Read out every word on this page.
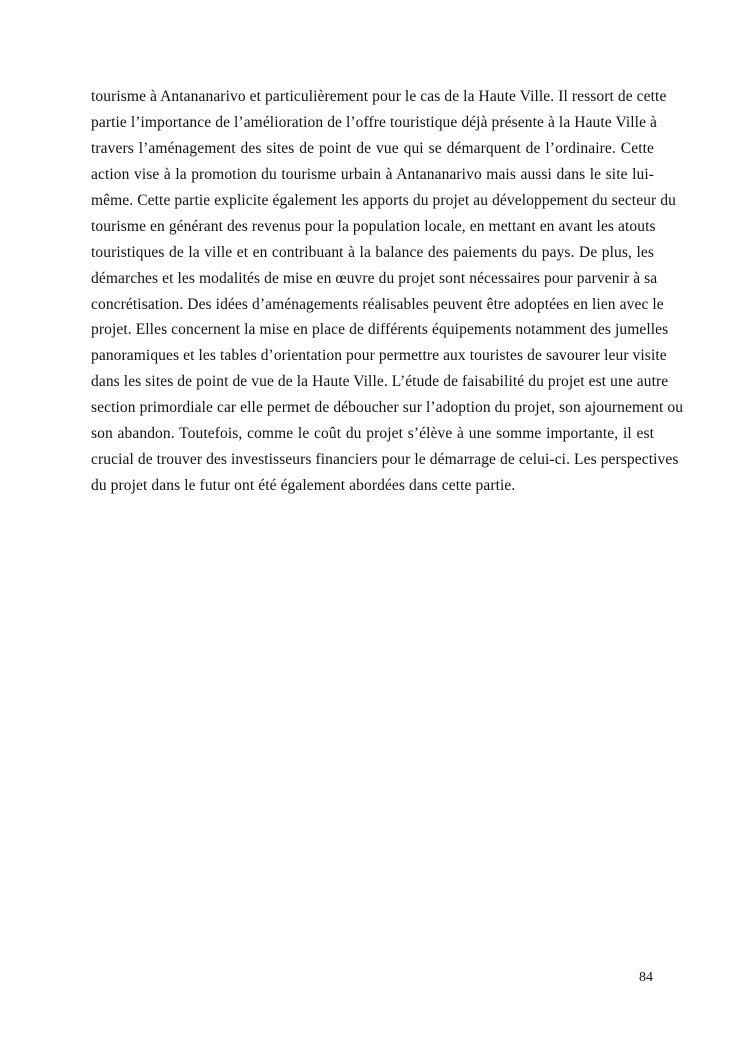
tourisme à Antananarivo et particulièrement pour le cas de la Haute Ville. Il ressort de cette
partie l’importance de l’amélioration de l’offre touristique déjà présente à la Haute Ville à
travers l’aménagement des sites de point de vue qui se démarquent de l’ordinaire. Cette
action vise à la promotion du tourisme urbain à Antananarivo mais aussi dans le site lui-
même. Cette partie explicite également les apports du projet au développement du secteur du
tourisme en générant des revenus pour la population locale, en mettant en avant les atouts
touristiques de la ville et en contribuant à la balance des paiements du pays. De plus, les
démarches et les modalités de mise en œuvre du projet sont nécessaires pour parvenir à sa
concrétisation. Des idées d’aménagements réalisables peuvent être adoptées en lien avec le
projet. Elles concernent la mise en place de différents équipements notamment des jumelles
panoramiques et les tables d’orientation pour permettre aux touristes de savourer leur visite
dans les sites de point de vue de la Haute Ville. L’étude de faisabilité du projet est une autre
section primordiale car elle permet de déboucher sur l’adoption du projet, son ajournement ou
son abandon. Toutefois, comme le coût du projet s’élève à une somme importante, il est
crucial de trouver des investisseurs financiers pour le démarrage de celui-ci. Les perspectives
du projet dans le futur ont été également abordées dans cette partie.
84
